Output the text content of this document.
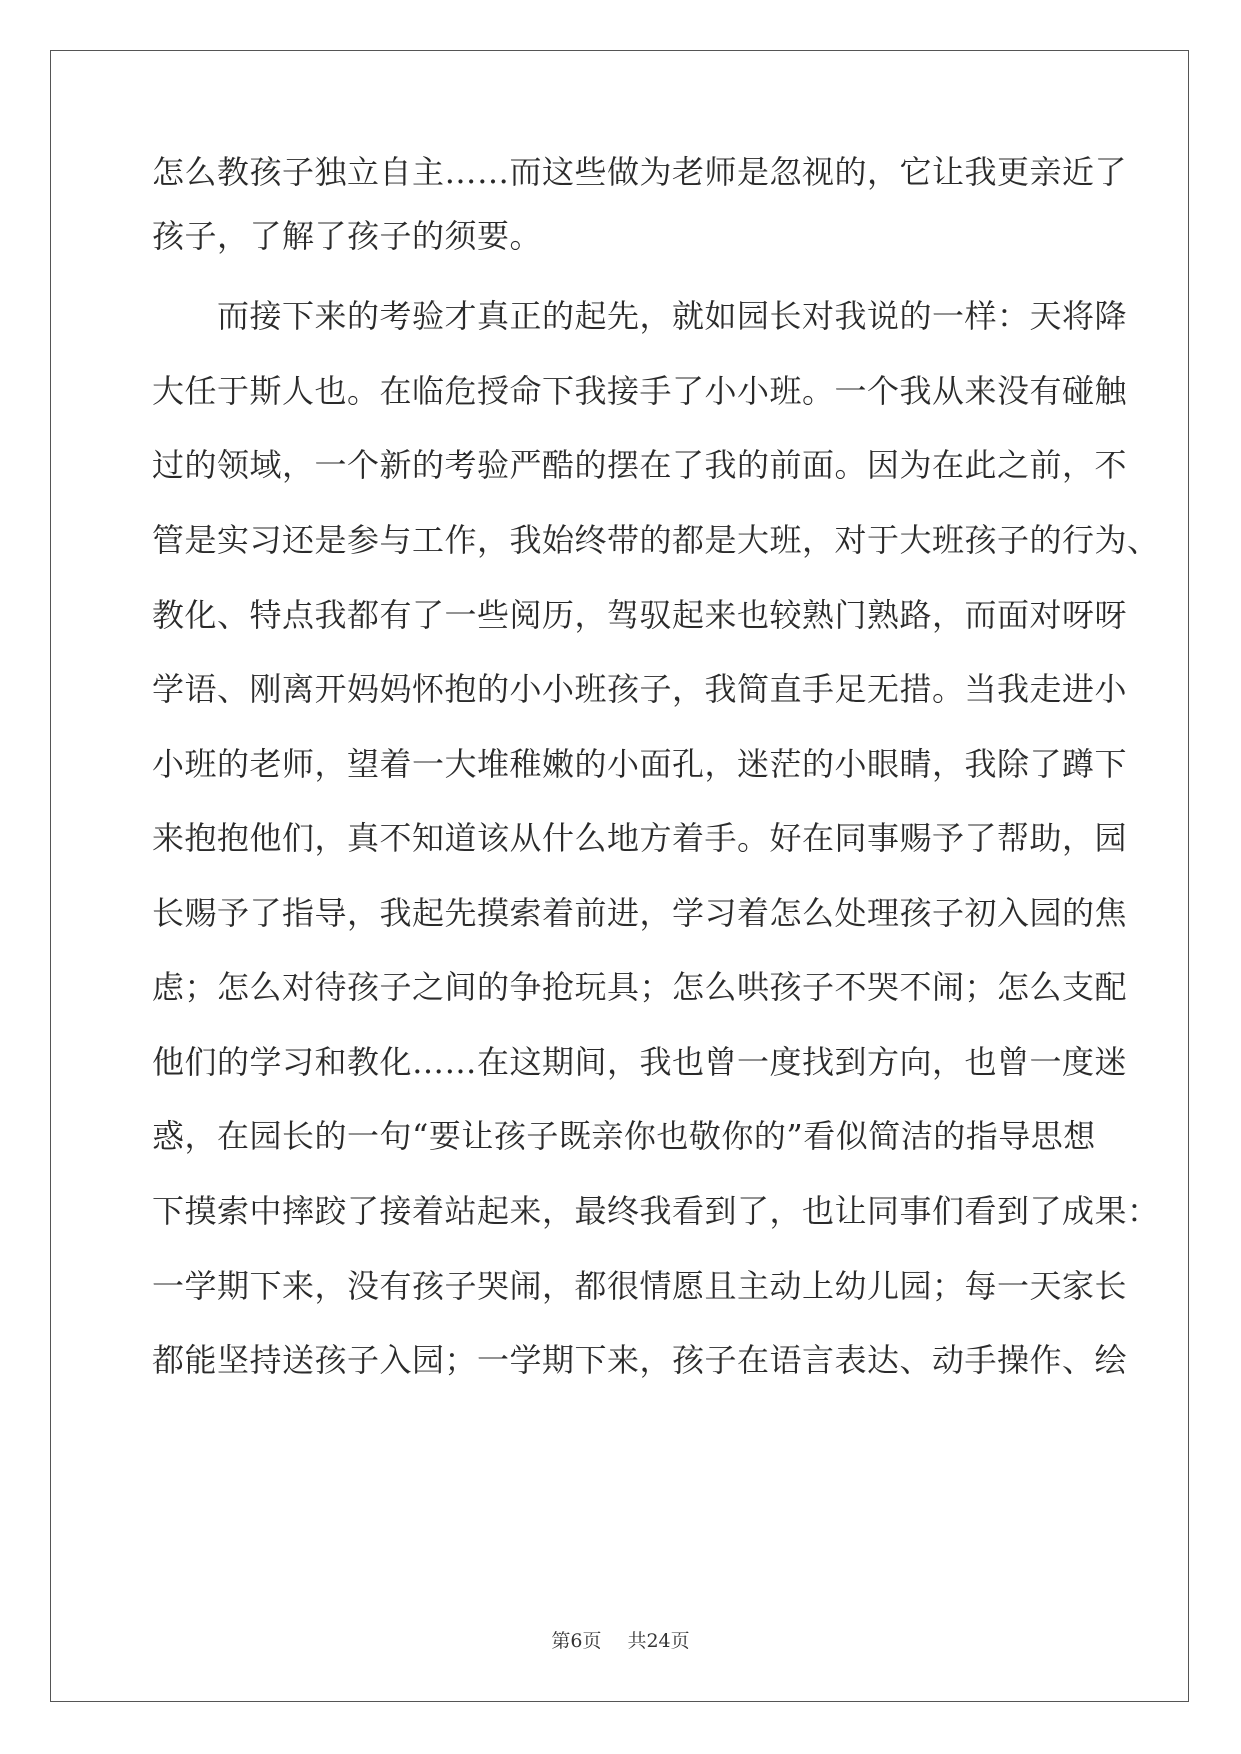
怎么教孩子独立自主……而这些做为老师是忽视的，它让我更亲近了
孩子，了解了孩子的须要。
　　而接下来的考验才真正的起先，就如园长对我说的一样：天将降
大任于斯人也。在临危授命下我接手了小小班。一个我从来没有碰触
过的领域，一个新的考验严酷的摆在了我的前面。因为在此之前，不
管是实习还是参与工作，我始终带的都是大班，对于大班孩子的行为、
教化、特点我都有了一些阅历，驾驭起来也较熟门熟路，而面对呀呀
学语、刚离开妈妈怀抱的小小班孩子，我简直手足无措。当我走进小
小班的老师，望着一大堆稚嫩的小面孔，迷茫的小眼睛，我除了蹲下
来抱抱他们，真不知道该从什么地方着手。好在同事赐予了帮助，园
长赐予了指导，我起先摸索着前进，学习着怎么处理孩子初入园的焦
虑；怎么对待孩子之间的争抢玩具；怎么哄孩子不哭不闹；怎么支配
他们的学习和教化……在这期间，我也曾一度找到方向，也曾一度迷
惑，在园长的一句“要让孩子既亲你也敬你的”看似简洁的指导思想
下摸索中摔跤了接着站起来，最终我看到了，也让同事们看到了成果：
一学期下来，没有孩子哭闹，都很情愿且主动上幼儿园；每一天家长
都能坚持送孩子入园；一学期下来，孩子在语言表达、动手操作、绘
第6页 共24页
